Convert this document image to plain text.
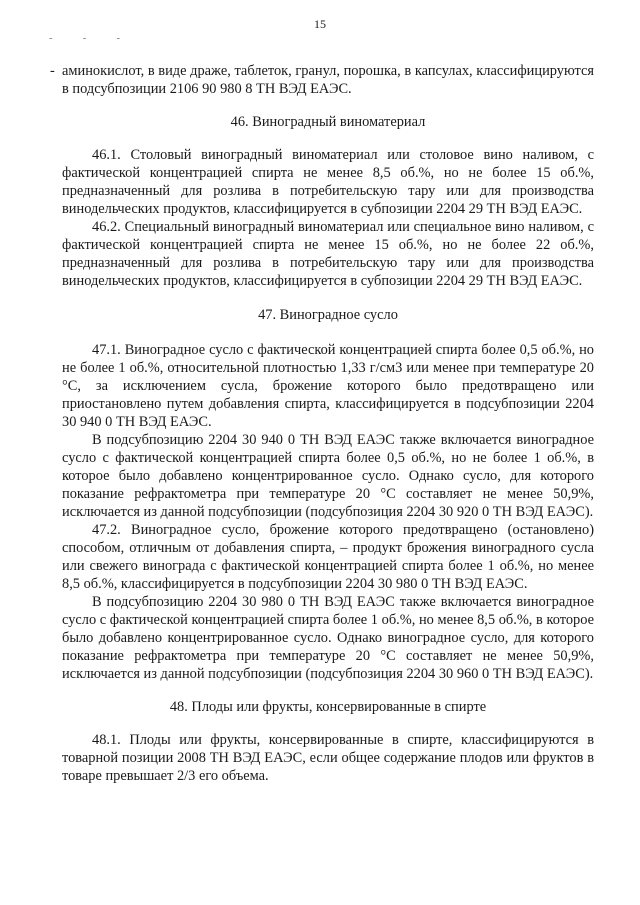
15
- - -

- аминокислот, в виде драже, таблеток, гранул, порошка, в капсулах, классифицируются в подсубпозиции 2106 90 980 8 ТН ВЭД ЕАЭС.

46. Виноградный виноматериал

46.1. Столовый виноградный виноматериал или столовое вино наливом, с фактической концентрацией спирта не менее 8,5 об.%, но не более 15 об.%, предназначенный для розлива в потребительскую тару или для производства винодельческих продуктов, классифицируется в субпозиции 2204 29 ТН ВЭД ЕАЭС.

46.2. Специальный виноградный виноматериал или специальное вино наливом, с фактической концентрацией спирта не менее 15 об.%, но не более 22 об.%, предназначенный для розлива в потребительскую тару или для производства винодельческих продуктов, классифицируется в субпозиции 2204 29 ТН ВЭД ЕАЭС.

47. Виноградное сусло

47.1. Виноградное сусло с фактической концентрацией спирта более 0,5 об.%, но не более 1 об.%, относительной плотностью 1,33 г/см3 или менее при температуре 20 °С, за исключением сусла, брожение которого было предотвращено или приостановлено путем добавления спирта, классифицируется в подсубпозиции 2204 30 940 0 ТН ВЭД ЕАЭС.

В подсубпозицию 2204 30 940 0 ТН ВЭД ЕАЭС также включается виноградное сусло с фактической концентрацией спирта более 0,5 об.%, но не более 1 об.%, в которое было добавлено концентрированное сусло. Однако сусло, для которого показание рефрактометра при температуре 20 °С составляет не менее 50,9%, исключается из данной подсубпозиции (подсубпозиция 2204 30 920 0 ТН ВЭД ЕАЭС).

47.2. Виноградное сусло, брожение которого предотвращено (остановлено) способом, отличным от добавления спирта, – продукт брожения виноградного сусла или свежего винограда с фактической концентрацией спирта более 1 об.%, но менее 8,5 об.%, классифицируется в подсубпозиции 2204 30 980 0 ТН ВЭД ЕАЭС.

В подсубпозицию 2204 30 980 0 ТН ВЭД ЕАЭС также включается виноградное сусло с фактической концентрацией спирта более 1 об.%, но менее 8,5 об.%, в которое было добавлено концентрированное сусло. Однако виноградное сусло, для которого показание рефрактометра при температуре 20 °С составляет не менее 50,9%, исключается из данной подсубпозиции (подсубпозиция 2204 30 960 0 ТН ВЭД ЕАЭС).

48. Плоды или фрукты, консервированные в спирте

48.1. Плоды или фрукты, консервированные в спирте, классифицируются в товарной позиции 2008 ТН ВЭД ЕАЭС, если общее содержание плодов или фруктов в товаре превышает 2/3 его объема.
